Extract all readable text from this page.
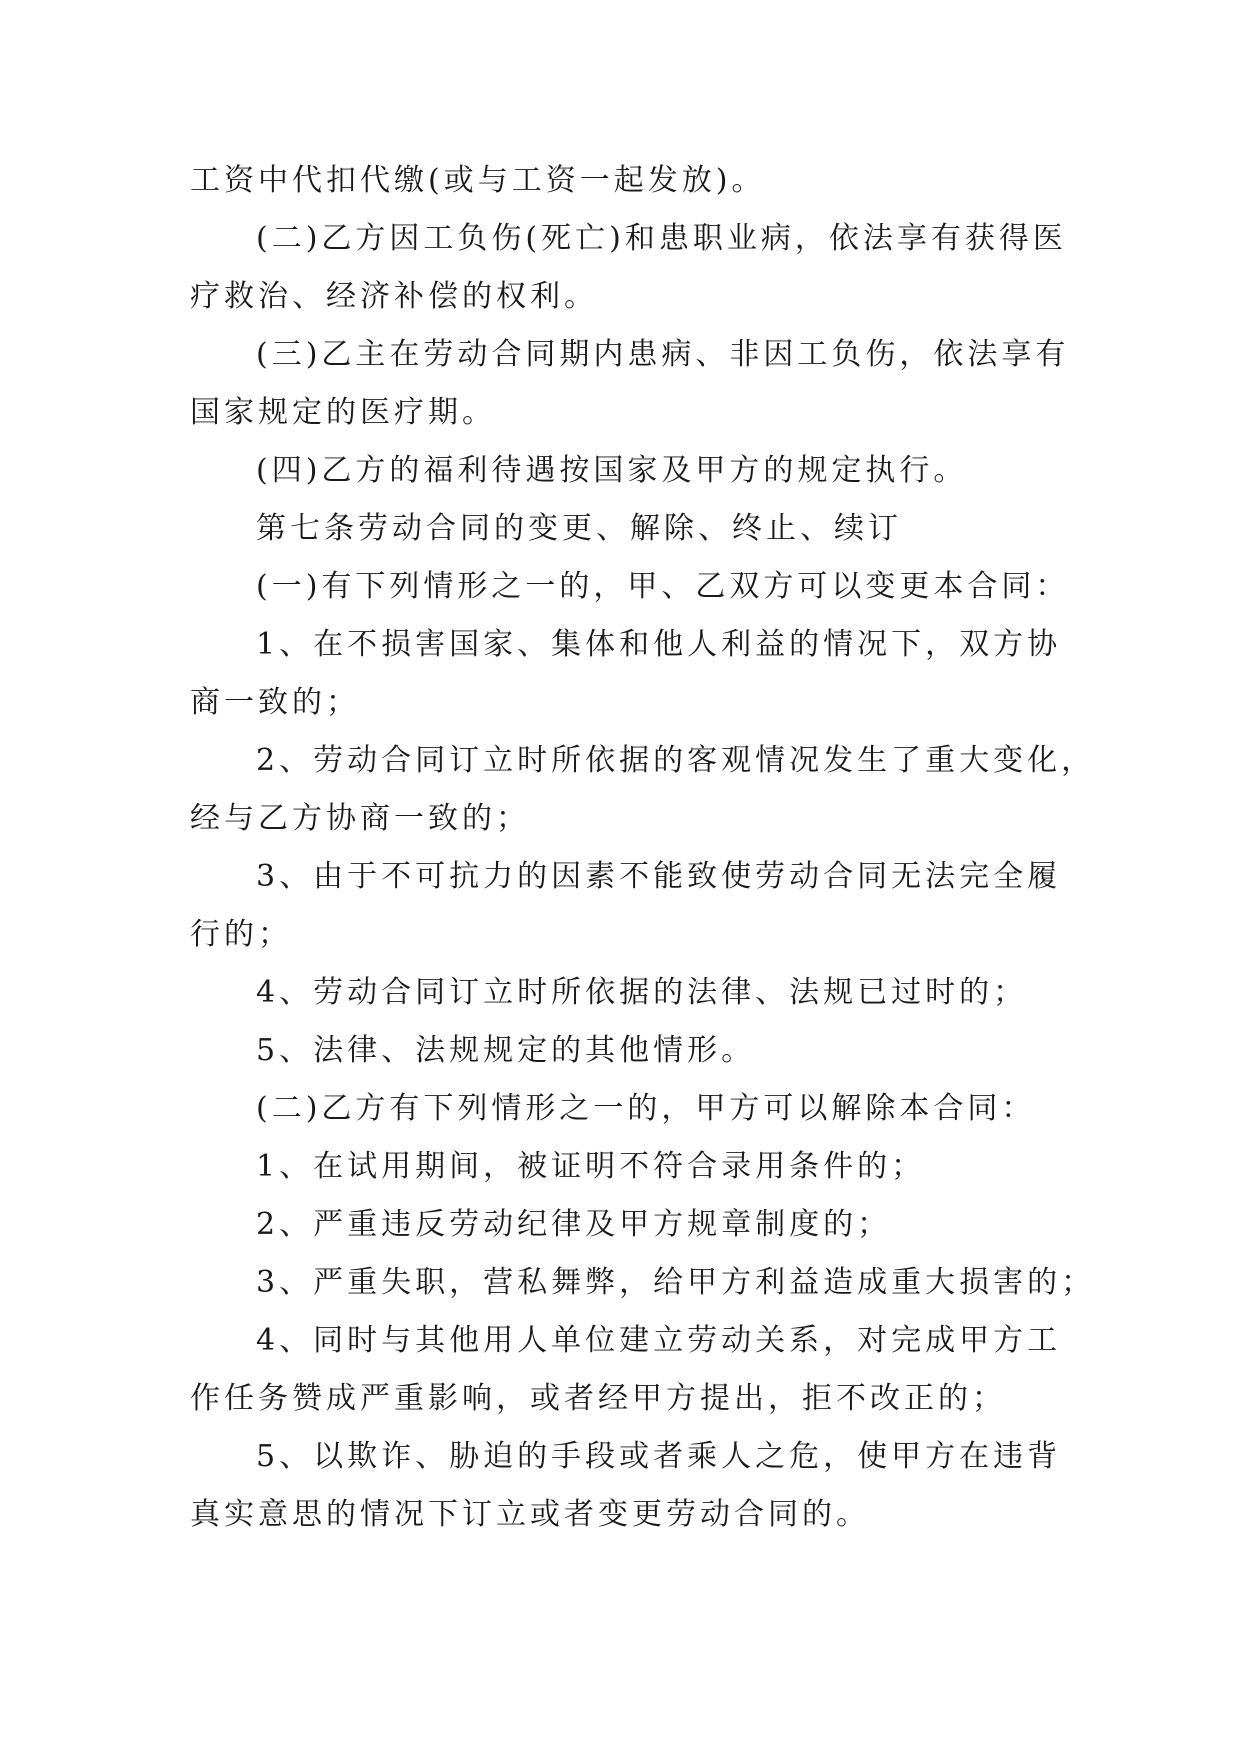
工资中代扣代缴(或与工资一起发放)。

(二)乙方因工负伤(死亡)和患职业病，依法享有获得医
疗救治、经济补偿的权利。

(三)乙主在劳动合同期内患病、非因工负伤，依法享有
国家规定的医疗期。

(四)乙方的福利待遇按国家及甲方的规定执行。

第七条劳动合同的变更、解除、终止、续订

(一)有下列情形之一的，甲、乙双方可以变更本合同：

1、在不损害国家、集体和他人利益的情况下，双方协
商一致的；

2、劳动合同订立时所依据的客观情况发生了重大变化，
经与乙方协商一致的；

3、由于不可抗力的因素不能致使劳动合同无法完全履
行的；

4、劳动合同订立时所依据的法律、法规已过时的；

5、法律、法规规定的其他情形。

(二)乙方有下列情形之一的，甲方可以解除本合同：

1、在试用期间，被证明不符合录用条件的；

2、严重违反劳动纪律及甲方规章制度的；

3、严重失职，营私舞弊，给甲方利益造成重大损害的；

4、同时与其他用人单位建立劳动关系，对完成甲方工
作任务赞成严重影响，或者经甲方提出，拒不改正的；

5、以欺诈、胁迫的手段或者乘人之危，使甲方在违背
真实意思的情况下订立或者变更劳动合同的。
